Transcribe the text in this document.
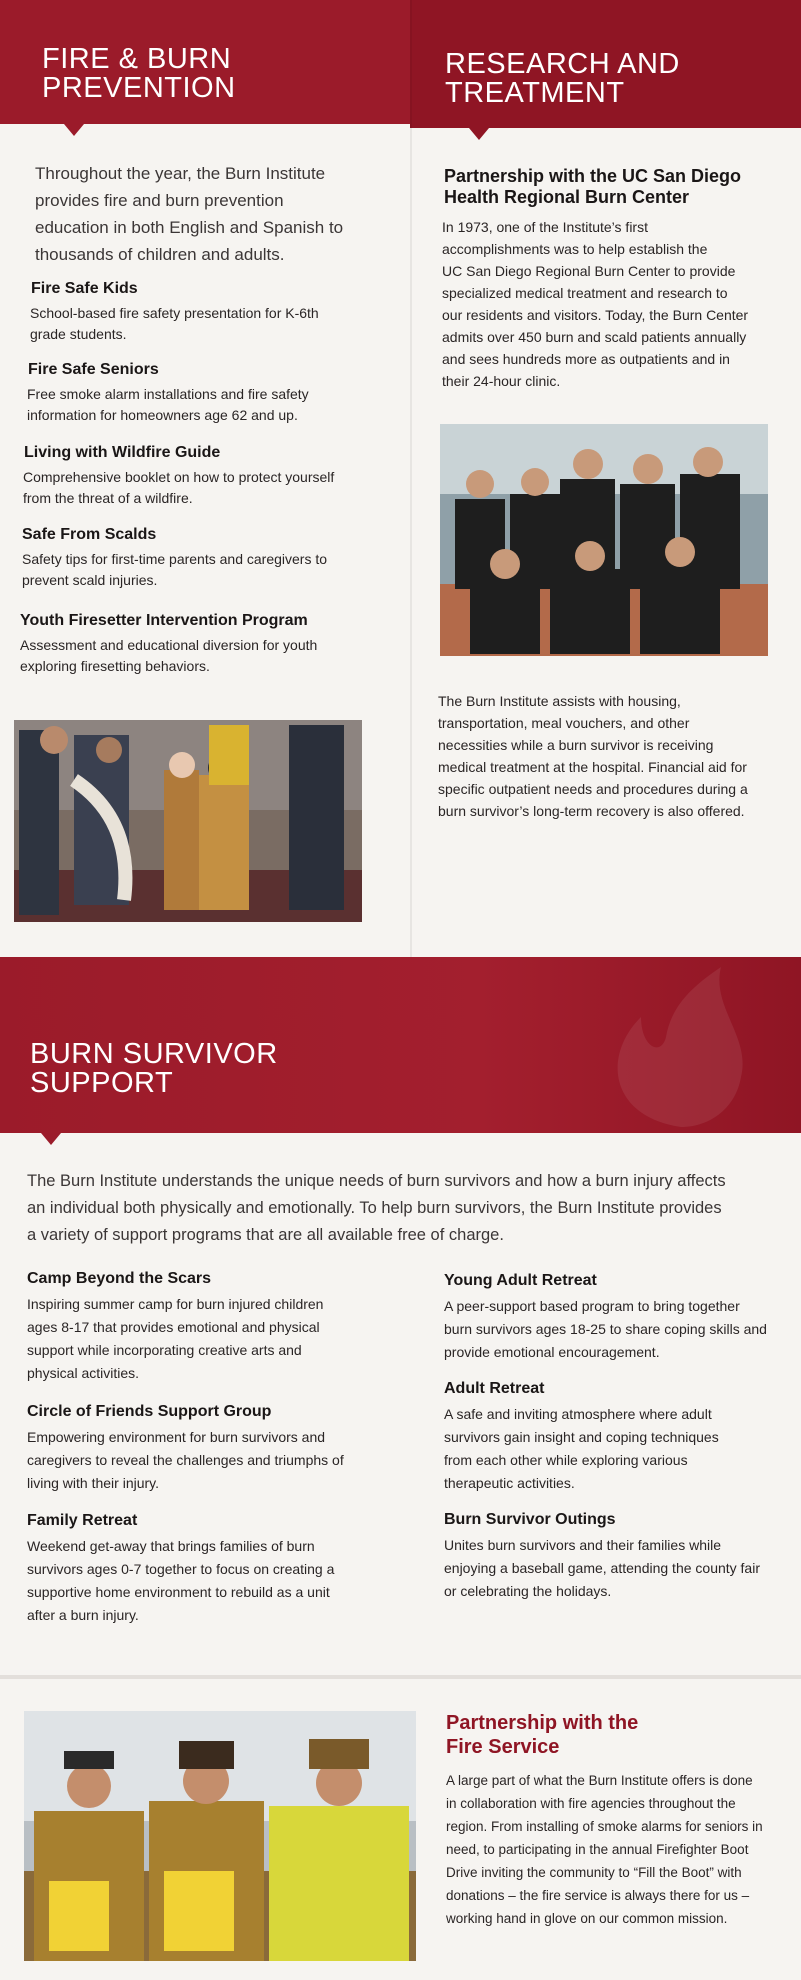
FIRE & BURN
PREVENTION
RESEARCH AND
TREATMENT
Throughout the year, the Burn Institute
provides fire and burn prevention
education in both English and Spanish to
thousands of children and adults.
Fire Safe Kids
School-based fire safety presentation for K-6th
grade students.
Fire Safe Seniors
Free smoke alarm installations and fire safety
information for homeowners age 62 and up.
Living with Wildfire Guide
Comprehensive booklet on how to protect yourself
from the threat of a wildfire.
Safe From Scalds
Safety tips for first-time parents and caregivers to
prevent scald injuries.
Youth Firesetter Intervention Program
Assessment and educational diversion for youth
exploring firesetting behaviors.
Partnership with the UC San Diego
Health Regional Burn Center
In 1973, one of the Institute’s first
accomplishments was to help establish the
UC San Diego Regional Burn Center to provide
specialized medical treatment and research to
our residents and visitors. Today, the Burn Center
admits over 450 burn and scald patients annually
and sees hundreds more as outpatients and in
their 24-hour clinic.
The Burn Institute assists with housing,
transportation, meal vouchers, and other
necessities while a burn survivor is receiving
medical treatment at the hospital. Financial aid for
specific outpatient needs and procedures during a
burn survivor’s long-term recovery is also offered.
BURN SURVIVOR
SUPPORT
The Burn Institute understands the unique needs of burn survivors and how a burn injury affects
an individual both physically and emotionally. To help burn survivors, the Burn Institute provides
a variety of support programs that are all available free of charge.
Camp Beyond the Scars
Inspiring summer camp for burn injured children
ages 8-17 that provides emotional and physical
support while incorporating creative arts and
physical activities.
Circle of Friends Support Group
Empowering environment for burn survivors and
caregivers to reveal the challenges and triumphs of
living with their injury.
Family Retreat
Weekend get-away that brings families of burn
survivors ages 0-7 together to focus on creating a
supportive home environment to rebuild as a unit
after a burn injury.
Young Adult Retreat
A peer-support based program to bring together
burn survivors ages 18-25 to share coping skills and
provide emotional encouragement.
Adult Retreat
A safe and inviting atmosphere where adult
survivors gain insight and coping techniques
from each other while exploring various
therapeutic activities.
Burn Survivor Outings
Unites burn survivors and their families while
enjoying a baseball game, attending the county fair
or celebrating the holidays.
Partnership with the
Fire Service
A large part of what the Burn Institute offers is done
in collaboration with fire agencies throughout the
region. From installing of smoke alarms for seniors in
need, to participating in the annual Firefighter Boot
Drive inviting the community to “Fill the Boot” with
donations – the fire service is always there for us –
working hand in glove on our common mission.
